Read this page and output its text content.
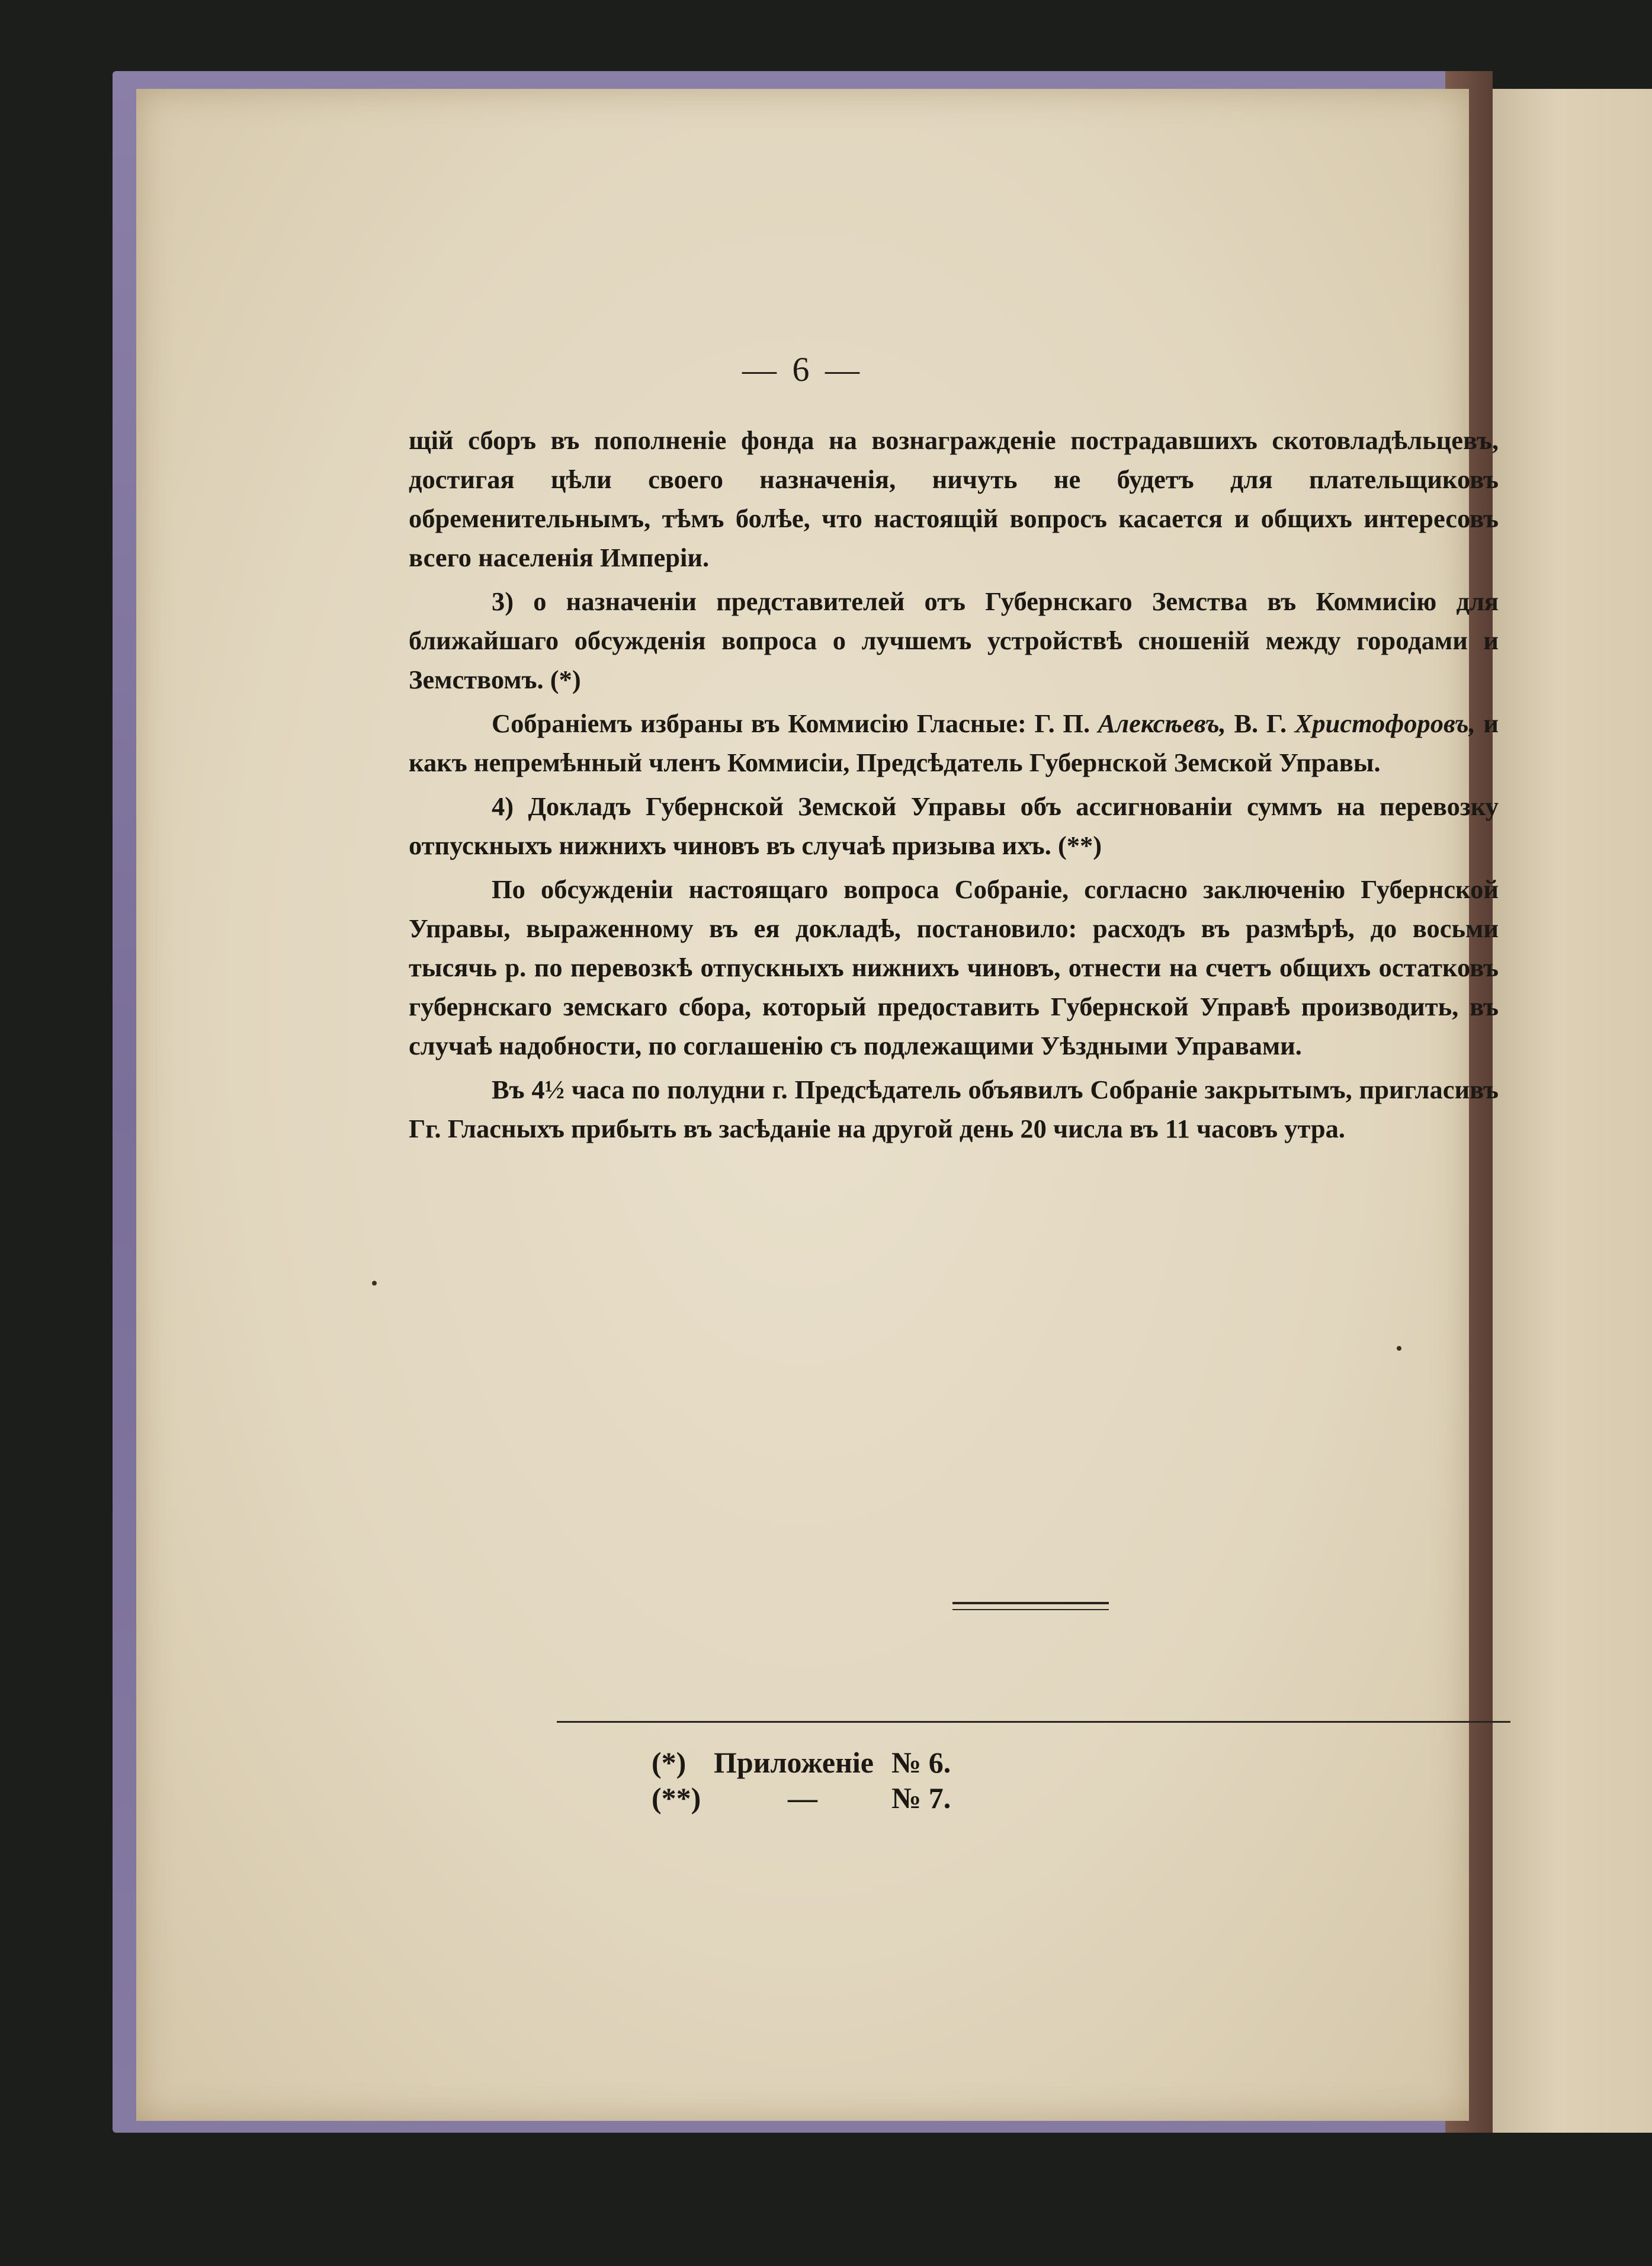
— 6 —

щій сборъ въ пополненіе фонда на вознагражденіе пострадавшихъ скотовладѣльцевъ, достигая цѣли своего назначенія, ничуть не будетъ для плательщиковъ обременительнымъ, тѣмъ болѣе, что настоящій вопросъ касается и общихъ интересовъ всего населенія Имперіи.

3) о назначеніи представителей отъ Губернскаго Земства въ Коммисію для ближайшаго обсужденія вопроса о лучшемъ устройствѣ сношеній между городами и Земствомъ. (*)

Собраніемъ избраны въ Коммисію Гласные: Г. П. Алексѣевъ, В. Г. Христофоровъ, и какъ непремѣнный членъ Коммисіи, Предсѣдатель Губернской Земской Управы.

4) Докладъ Губернской Земской Управы объ ассигнованіи суммъ на перевозку отпускныхъ нижнихъ чиновъ въ случаѣ призыва ихъ. (**)

По обсужденіи настоящаго вопроса Собраніе, согласно заключенію Губернской Управы, выраженному въ ея докладѣ, постановило: расходъ въ размѣрѣ, до восьми тысячь р. по перевозкѣ отпускныхъ нижнихъ чиновъ, отнести на счетъ общихъ остатковъ губернскаго земскаго сбора, который предоставить Губернской Управѣ производить, въ случаѣ надобности, по соглашенію съ подлежащими Уѣздными Управами.

Въ 4½ часа по полудни г. Предсѣдатель объявилъ Собраніе закрытымъ, пригласивъ Гг. Гласныхъ прибыть въ засѣданіе на другой день 20 числа въ 11 часовъ утра.

(*) Приложеніе № 6.
(**)	—	№ 7.
